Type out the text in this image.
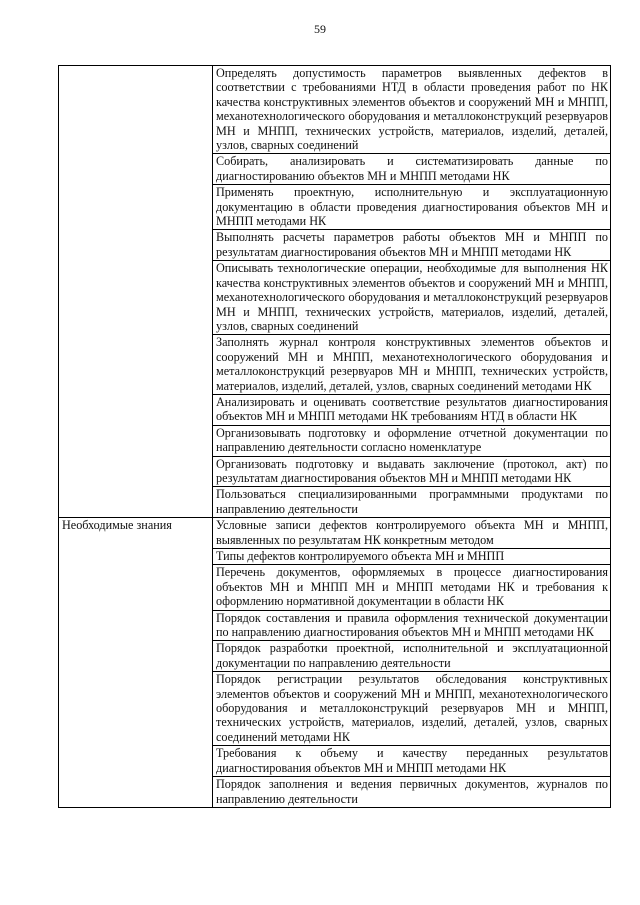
59
	Определять допустимость параметров выявленных дефектов в соответствии с требованиями НТД в области проведения работ по НК качества конструктивных элементов объектов и сооружений МН и МНПП, механотехнологического оборудования и металлоконструкций резервуаров МН и МНПП, технических устройств, материалов, изделий, деталей, узлов, сварных соединений
	Собирать, анализировать и систематизировать данные по диагностированию объектов МН и МНПП методами НК
	Применять проектную, исполнительную и эксплуатационную документацию в области проведения диагностирования объектов МН и МНПП методами НК
	Выполнять расчеты параметров работы объектов МН и МНПП по результатам диагностирования объектов МН и МНПП методами НК
	Описывать технологические операции, необходимые для выполнения НК качества конструктивных элементов объектов и сооружений МН и МНПП, механотехнологического оборудования и металлоконструкций резервуаров МН и МНПП, технических устройств, материалов, изделий, деталей, узлов, сварных соединений
	Заполнять журнал контроля конструктивных элементов объектов и сооружений МН и МНПП, механотехнологического оборудования и металлоконструкций резервуаров МН и МНПП, технических устройств, материалов, изделий, деталей, узлов, сварных соединений методами НК
	Анализировать и оценивать соответствие результатов диагностирования объектов МН и МНПП методами НК требованиям НТД в области НК
	Организовывать подготовку и оформление отчетной документации по направлению деятельности согласно номенклатуре
	Организовать подготовку и выдавать заключение (протокол, акт) по результатам диагностирования объектов МН и МНПП методами НК
	Пользоваться специализированными программными продуктами по направлению деятельности
Необходимые знания	Условные записи дефектов контролируемого объекта МН и МНПП, выявленных по результатам НК конкретным методом
	Типы дефектов контролируемого объекта МН и МНПП
	Перечень документов, оформляемых в процессе диагностирования объектов МН и МНПП МН и МНПП методами НК и требования к оформлению нормативной документации в области НК
	Порядок составления и правила оформления технической документации по направлению диагностирования объектов МН и МНПП методами НК
	Порядок разработки проектной, исполнительной и эксплуатационной документации по направлению деятельности
	Порядок регистрации результатов обследования конструктивных элементов объектов и сооружений МН и МНПП, механотехнологического оборудования и металлоконструкций резервуаров МН и МНПП, технических устройств, материалов, изделий, деталей, узлов, сварных соединений методами НК
	Требования к объему и качеству переданных результатов диагностирования объектов МН и МНПП методами НК
	Порядок заполнения и ведения первичных документов, журналов по направлению деятельности
